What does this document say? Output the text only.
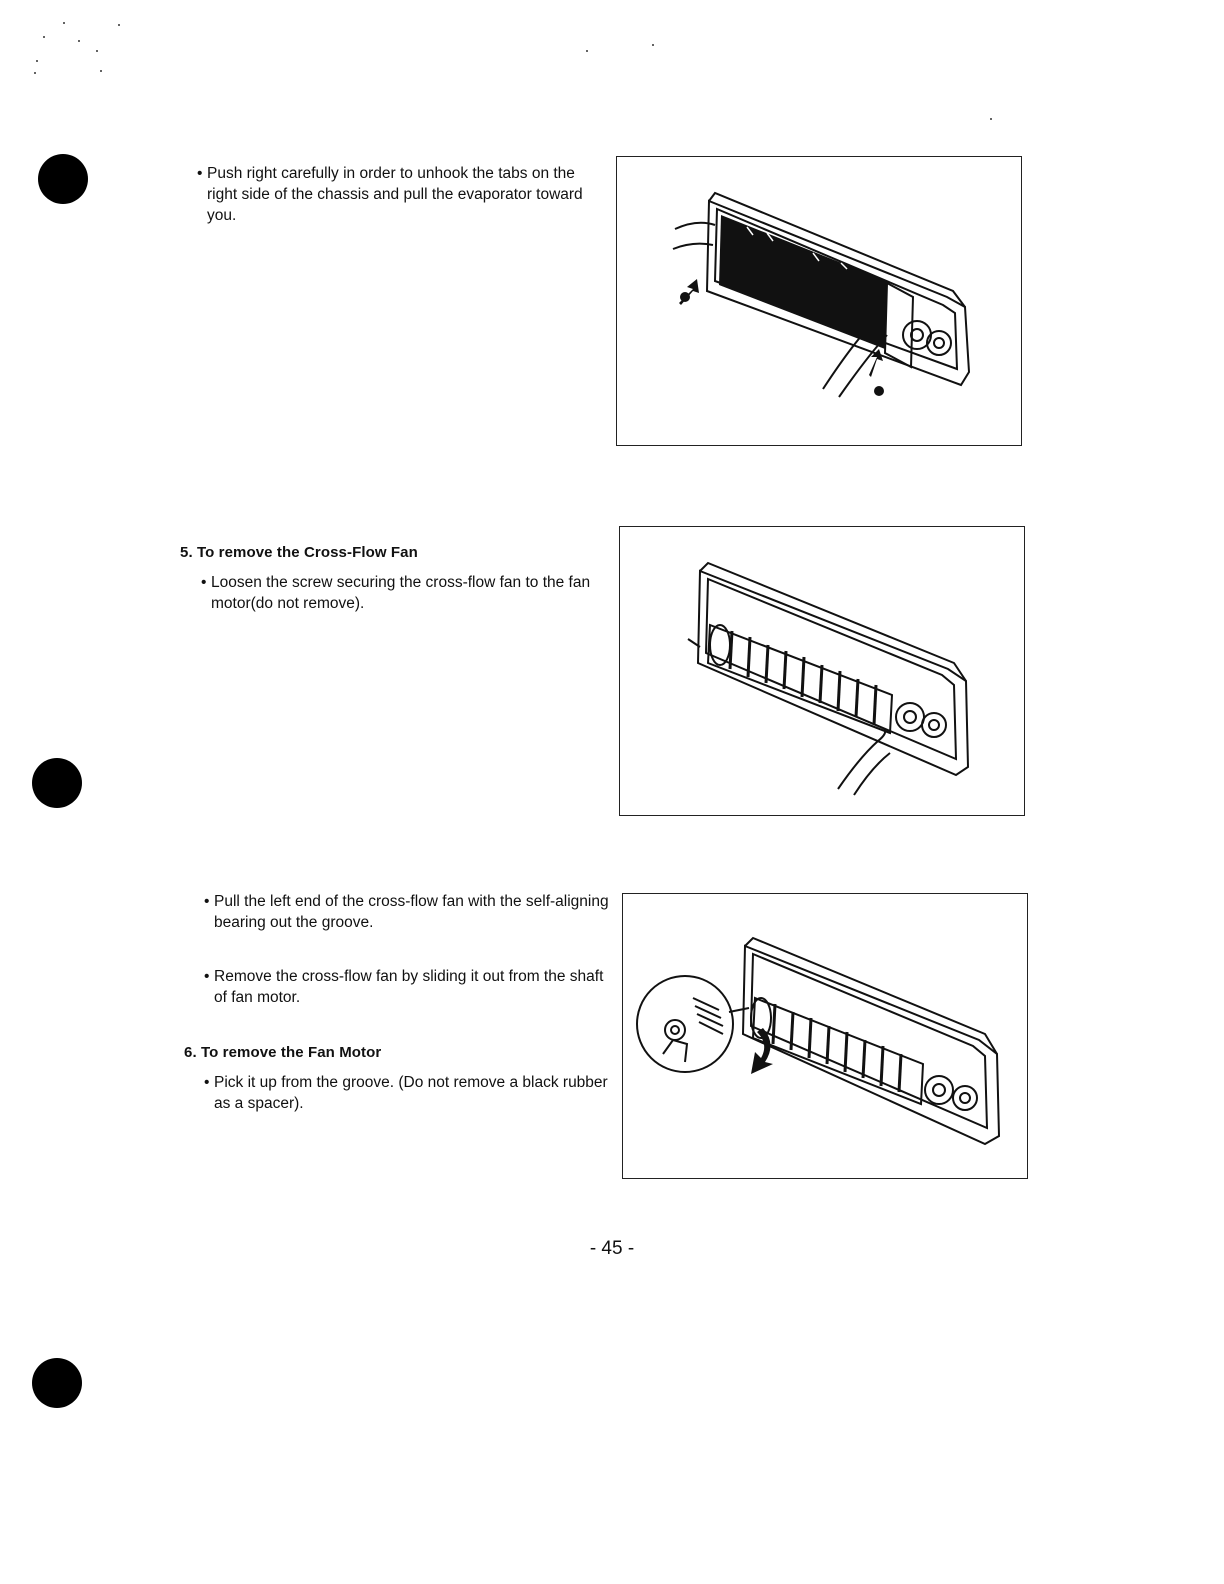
• Push right carefully in order to unhook the tabs on the right side of the chassis and pull the evaporator toward you.
5. To remove the Cross-Flow Fan
• Loosen the screw securing the cross-flow fan to the fan motor(do not remove).
• Pull the left end of the cross-flow fan with the self-aligning bearing out the groove.
• Remove the cross-flow fan by sliding it out from the shaft of fan motor.
6. To remove the Fan Motor
• Pick it up from the groove. (Do not remove a black rubber as a spacer).
- 45 -
